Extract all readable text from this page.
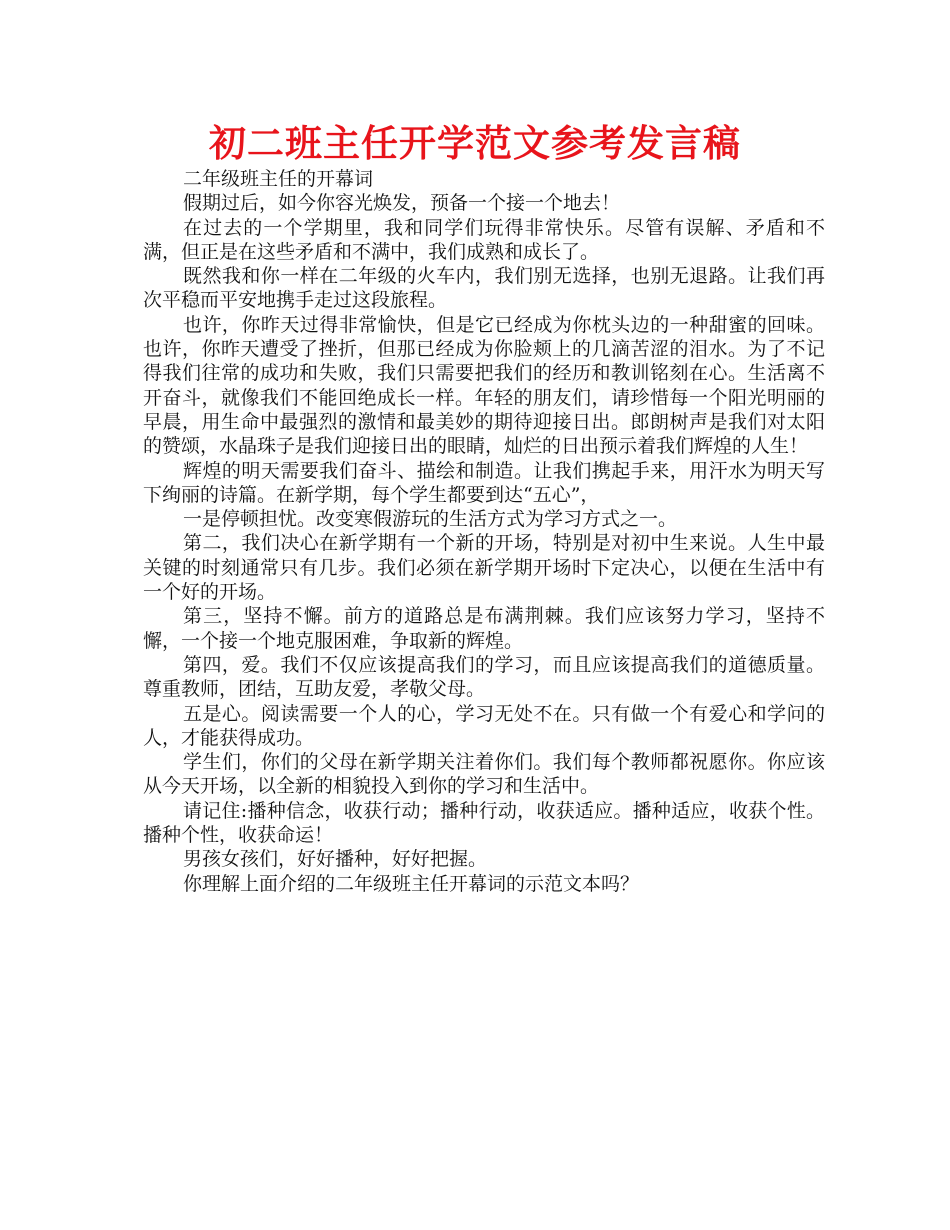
初二班主任开学范文参考发言稿

二年级班主任的开幕词

假期过后，如今你容光焕发，预备一个接一个地去！

在过去的一个学期里，我和同学们玩得非常快乐。尽管有误解、矛盾和不满，但正是在这些矛盾和不满中，我们成熟和成长了。

既然我和你一样在二年级的火车内，我们别无选择，也别无退路。让我们再次平稳而平安地携手走过这段旅程。

也许，你昨天过得非常愉快，但是它已经成为你枕头边的一种甜蜜的回味。也许，你昨天遭受了挫折，但那已经成为你脸颊上的几滴苦涩的泪水。为了不记得我们往常的成功和失败，我们只需要把我们的经历和教训铭刻在心。生活离不开奋斗，就像我们不能回绝成长一样。年轻的朋友们，请珍惜每一个阳光明丽的早晨，用生命中最强烈的激情和最美妙的期待迎接日出。郎朗树声是我们对太阳的赞颂，水晶珠子是我们迎接日出的眼睛，灿烂的日出预示着我们辉煌的人生！

辉煌的明天需要我们奋斗、描绘和制造。让我们携起手来，用汗水为明天写下绚丽的诗篇。在新学期，每个学生都要到达“五心”，

一是停顿担忧。改变寒假游玩的生活方式为学习方式之一。

第二，我们决心在新学期有一个新的开场，特别是对初中生来说。人生中最关键的时刻通常只有几步。我们必须在新学期开场时下定决心，以便在生活中有一个好的开场。

第三，坚持不懈。前方的道路总是布满荆棘。我们应该努力学习，坚持不懈，一个接一个地克服困难，争取新的辉煌。

第四，爱。我们不仅应该提高我们的学习，而且应该提高我们的道德质量。尊重教师，团结，互助友爱，孝敬父母。

五是心。阅读需要一个人的心，学习无处不在。只有做一个有爱心和学问的人，才能获得成功。

学生们，你们的父母在新学期关注着你们。我们每个教师都祝愿你。你应该从今天开场，以全新的相貌投入到你的学习和生活中。

请记住:播种信念，收获行动；播种行动，收获适应。播种适应，收获个性。播种个性，收获命运！

男孩女孩们，好好播种，好好把握。

你理解上面介绍的二年级班主任开幕词的示范文本吗？
